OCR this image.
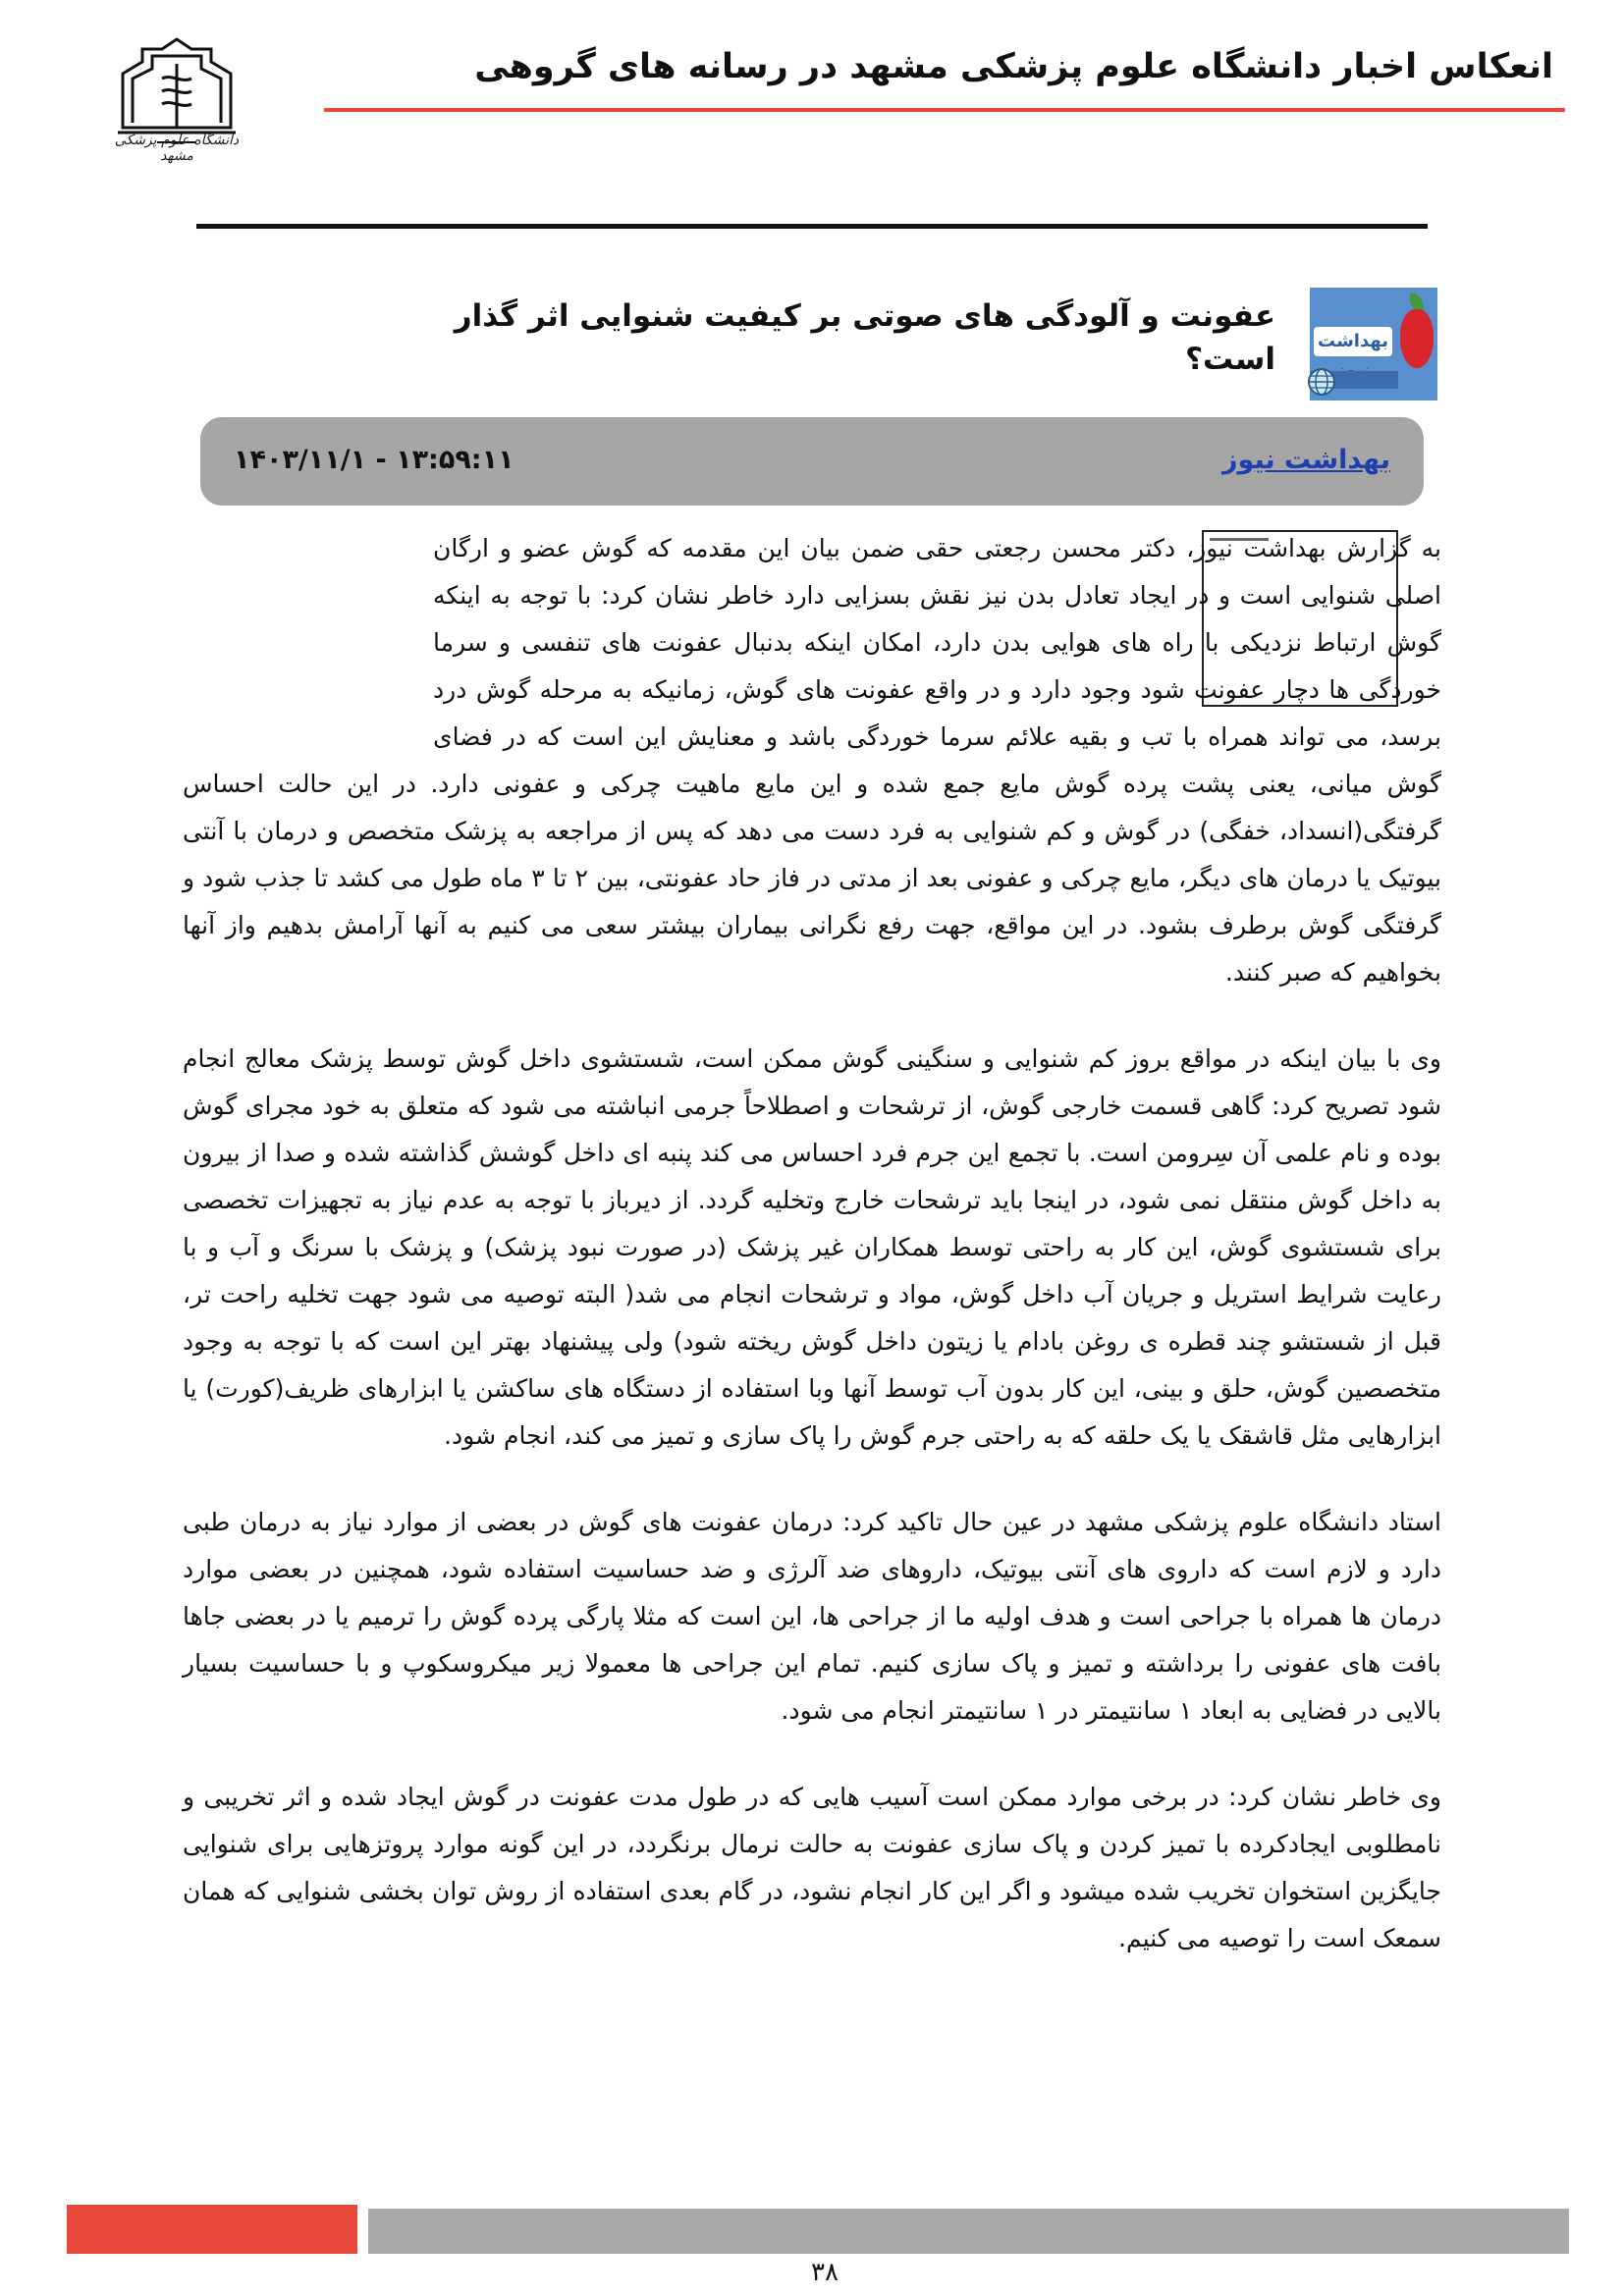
انعکاس اخبار دانشگاه علوم پزشکی مشهد در رسانه های گروهی
دانشگاه علوم پزشکی مشهد
بهداشت
عفونت و آلودگی های صوتی بر کیفیت شنوایی اثر گذار است؟
بهداشت نیوز
۱۴۰۳/۱۱/۱ - ۱۳:۵۹:۱۱

به گزارش بهداشت نیوز، دکتر محسن رجعتی حقی ضمن بیان این مقدمه که گوش عضو و ارگان اصلی شنوایی است و در ایجاد تعادل بدن نیز نقش بسزایی دارد خاطر نشان کرد: با توجه به اینکه گوش ارتباط نزدیکی با راه های هوایی بدن دارد، امکان اینکه بدنبال عفونت های تنفسی و سرما خوردگی ها دچار عفونت شود وجود دارد و در واقع عفونت های گوش، زمانیکه به مرحله گوش درد برسد، می تواند همراه با تب و بقیه علائم سرما خوردگی باشد و معنایش این است که در فضای گوش میانی، یعنی پشت پرده گوش مایع جمع شده و این مایع ماهیت چرکی و عفونی دارد. در این حالت احساس گرفتگی(انسداد، خفگی) در گوش و کم شنوایی به فرد دست می دهد که پس از مراجعه به پزشک متخصص و درمان با آنتی بیوتیک یا درمان های دیگر، مایع چرکی و عفونی بعد از مدتی در فاز حاد عفونتی، بین ۲ تا ۳ ماه طول می کشد تا جذب شود و گرفتگی گوش برطرف بشود. در این مواقع، جهت رفع نگرانی بیماران بیشتر سعی می کنیم به آنها آرامش بدهیم واز آنها بخواهیم که صبر کنند.

وی با بیان اینکه در مواقع بروز کم شنوایی و سنگینی گوش ممکن است، شستشوی داخل گوش توسط پزشک معالج انجام شود تصریح کرد: گاهی قسمت خارجی گوش، از ترشحات و اصطلاحاً جرمی انباشته می شود که متعلق به خود مجرای گوش بوده و نام علمی آن سِرومن است. با تجمع این جرم فرد احساس می کند پنبه ای داخل گوشش گذاشته شده و صدا از بیرون به داخل گوش منتقل نمی شود، در اینجا باید ترشحات خارج وتخلیه گردد. از دیرباز با توجه به عدم نیاز به تجهیزات تخصصی برای شستشوی گوش، این کار به راحتی توسط همکاران غیر پزشک (در صورت نبود پزشک) و پزشک با سرنگ و آب و با رعایت شرایط استریل و جریان آب داخل گوش، مواد و ترشحات انجام می شد( البته توصیه می شود جهت تخلیه راحت تر، قبل از شستشو چند قطره ی روغن بادام یا زیتون داخل گوش ریخته شود) ولی پیشنهاد بهتر این است که با توجه به وجود متخصصین گوش، حلق و بینی، این کار بدون آب توسط آنها وبا استفاده از دستگاه های ساکشن یا ابزارهای ظریف(کورت) یا ابزارهایی مثل قاشقک یا یک حلقه که به راحتی جرم گوش را پاک سازی و تمیز می کند، انجام شود.

استاد دانشگاه علوم پزشکی مشهد در عین حال تاکید کرد: درمان عفونت های گوش در بعضی از موارد نیاز به درمان طبی دارد و لازم است که داروی های آنتی بیوتیک، داروهای ضد آلرژی و ضد حساسیت استفاده شود، همچنین در بعضی موارد درمان ها همراه با جراحی است و هدف اولیه ما از جراحی ها، این است که مثلا پارگی پرده گوش را ترمیم یا در بعضی جاها بافت های عفونی را برداشته و تمیز و پاک سازی کنیم. تمام این جراحی ها معمولا زیر میکروسکوپ و با حساسیت بسیار بالایی در فضایی به ابعاد ۱ سانتیمتر در ۱ سانتیمتر انجام می شود.

وی خاطر نشان کرد: در برخی موارد ممکن است آسیب هایی که در طول مدت عفونت در گوش ایجاد شده و اثر تخریبی و نامطلوبی ایجادکرده با تمیز کردن و پاک سازی عفونت به حالت نرمال برنگردد، در این گونه موارد پروتزهایی برای شنوایی جایگزین استخوان تخریب شده میشود و اگر این کار انجام نشود، در گام بعدی استفاده از روش توان بخشی شنوایی که همان سمعک است را توصیه می کنیم.

۳۸
